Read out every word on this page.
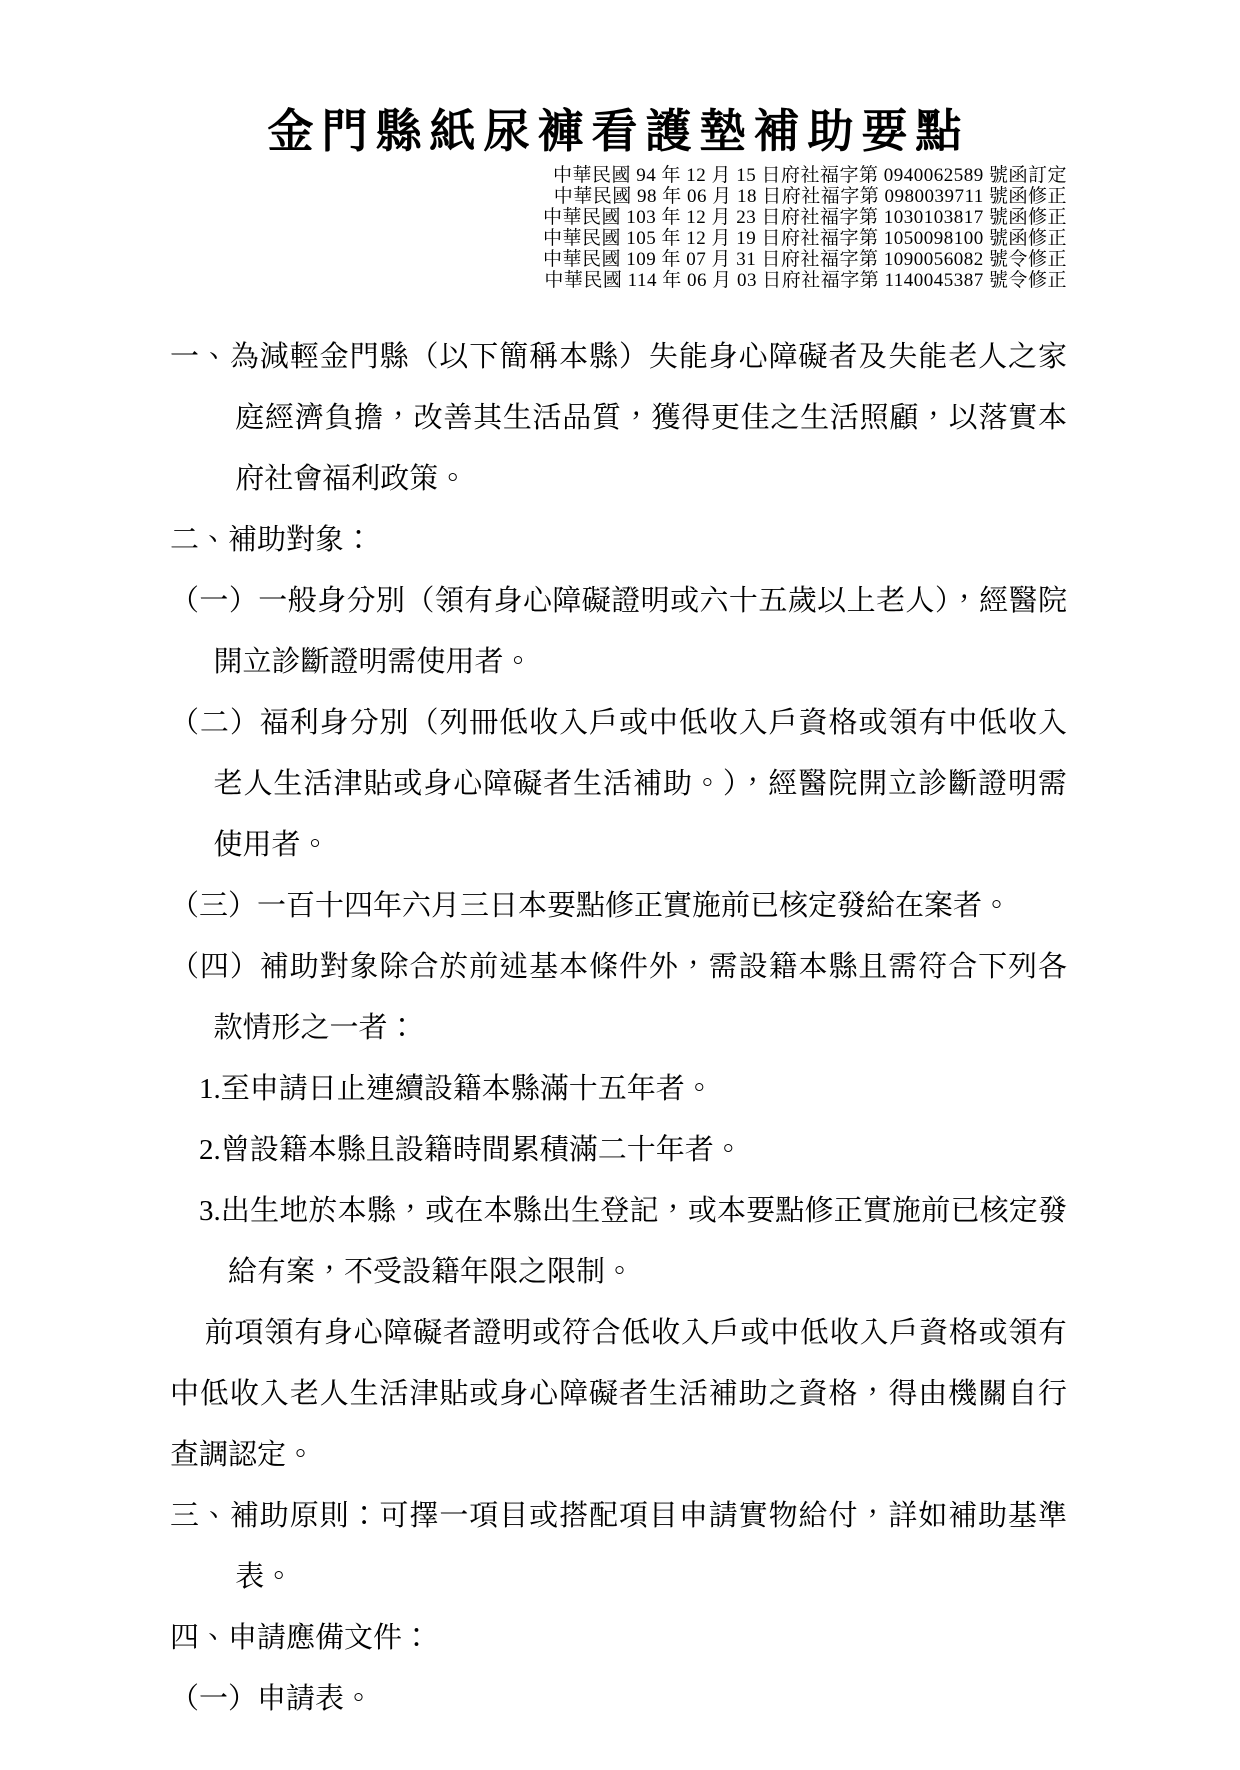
金門縣紙尿褲看護墊補助要點
中華民國 94 年 12 月 15 日府社福字第 0940062589 號函訂定
中華民國 98 年 06 月 18 日府社福字第 0980039711 號函修正
中華民國 103 年 12 月 23 日府社福字第 1030103817 號函修正
中華民國 105 年 12 月 19 日府社福字第 1050098100 號函修正
中華民國 109 年 07 月 31 日府社福字第 1090056082 號令修正
中華民國 114 年 06 月 03 日府社福字第 1140045387 號令修正
一、為減輕金門縣（以下簡稱本縣）失能身心障礙者及失能老人之家庭經濟負擔，改善其生活品質，獲得更佳之生活照顧，以落實本府社會福利政策。
二、補助對象：
（一）一般身分別（領有身心障礙證明或六十五歲以上老人），經醫院開立診斷證明需使用者。
（二）福利身分別（列冊低收入戶或中低收入戶資格或領有中低收入老人生活津貼或身心障礙者生活補助。），經醫院開立診斷證明需使用者。
（三）一百十四年六月三日本要點修正實施前已核定發給在案者。
（四）補助對象除合於前述基本條件外，需設籍本縣且需符合下列各款情形之一者：
1.至申請日止連續設籍本縣滿十五年者。
2.曾設籍本縣且設籍時間累積滿二十年者。
3.出生地於本縣，或在本縣出生登記，或本要點修正實施前已核定發給有案，不受設籍年限之限制。
前項領有身心障礙者證明或符合低收入戶或中低收入戶資格或領有中低收入老人生活津貼或身心障礙者生活補助之資格，得由機關自行查調認定。
三、補助原則：可擇一項目或搭配項目申請實物給付，詳如補助基準表。
四、申請應備文件：
（一）申請表。
